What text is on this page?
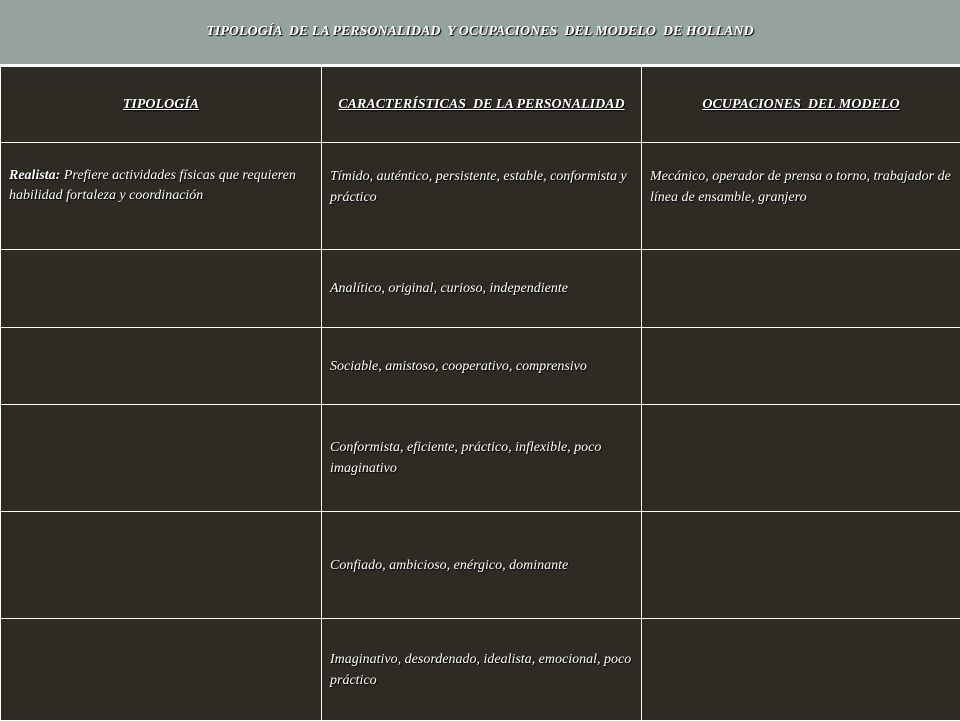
TIPOLOGÍA  DE LA PERSONALIDAD  Y OCUPACIONES  DEL MODELO  DE HOLLAND
TIPOLOGÍA	CARACTERÍSTICAS  DE LA PERSONALIDAD	OCUPACIONES  DEL MODELO
Realista: Prefiere actividades físicas que requieren habilidad fortaleza y coordinación	Tímido, auténtico, persistente, estable, conformista y práctico	Mecánico, operador de prensa o torno, trabajador de línea de ensamble, granjero
	Analítico, original, curioso, independiente	
	Sociable, amistoso, cooperativo, comprensivo	
	Conformista, eficiente, práctico, inflexible, poco imaginativo	
	Confiado, ambicioso, enérgico, dominante	
	Imaginativo, desordenado, idealista, emocional, poco práctico	
